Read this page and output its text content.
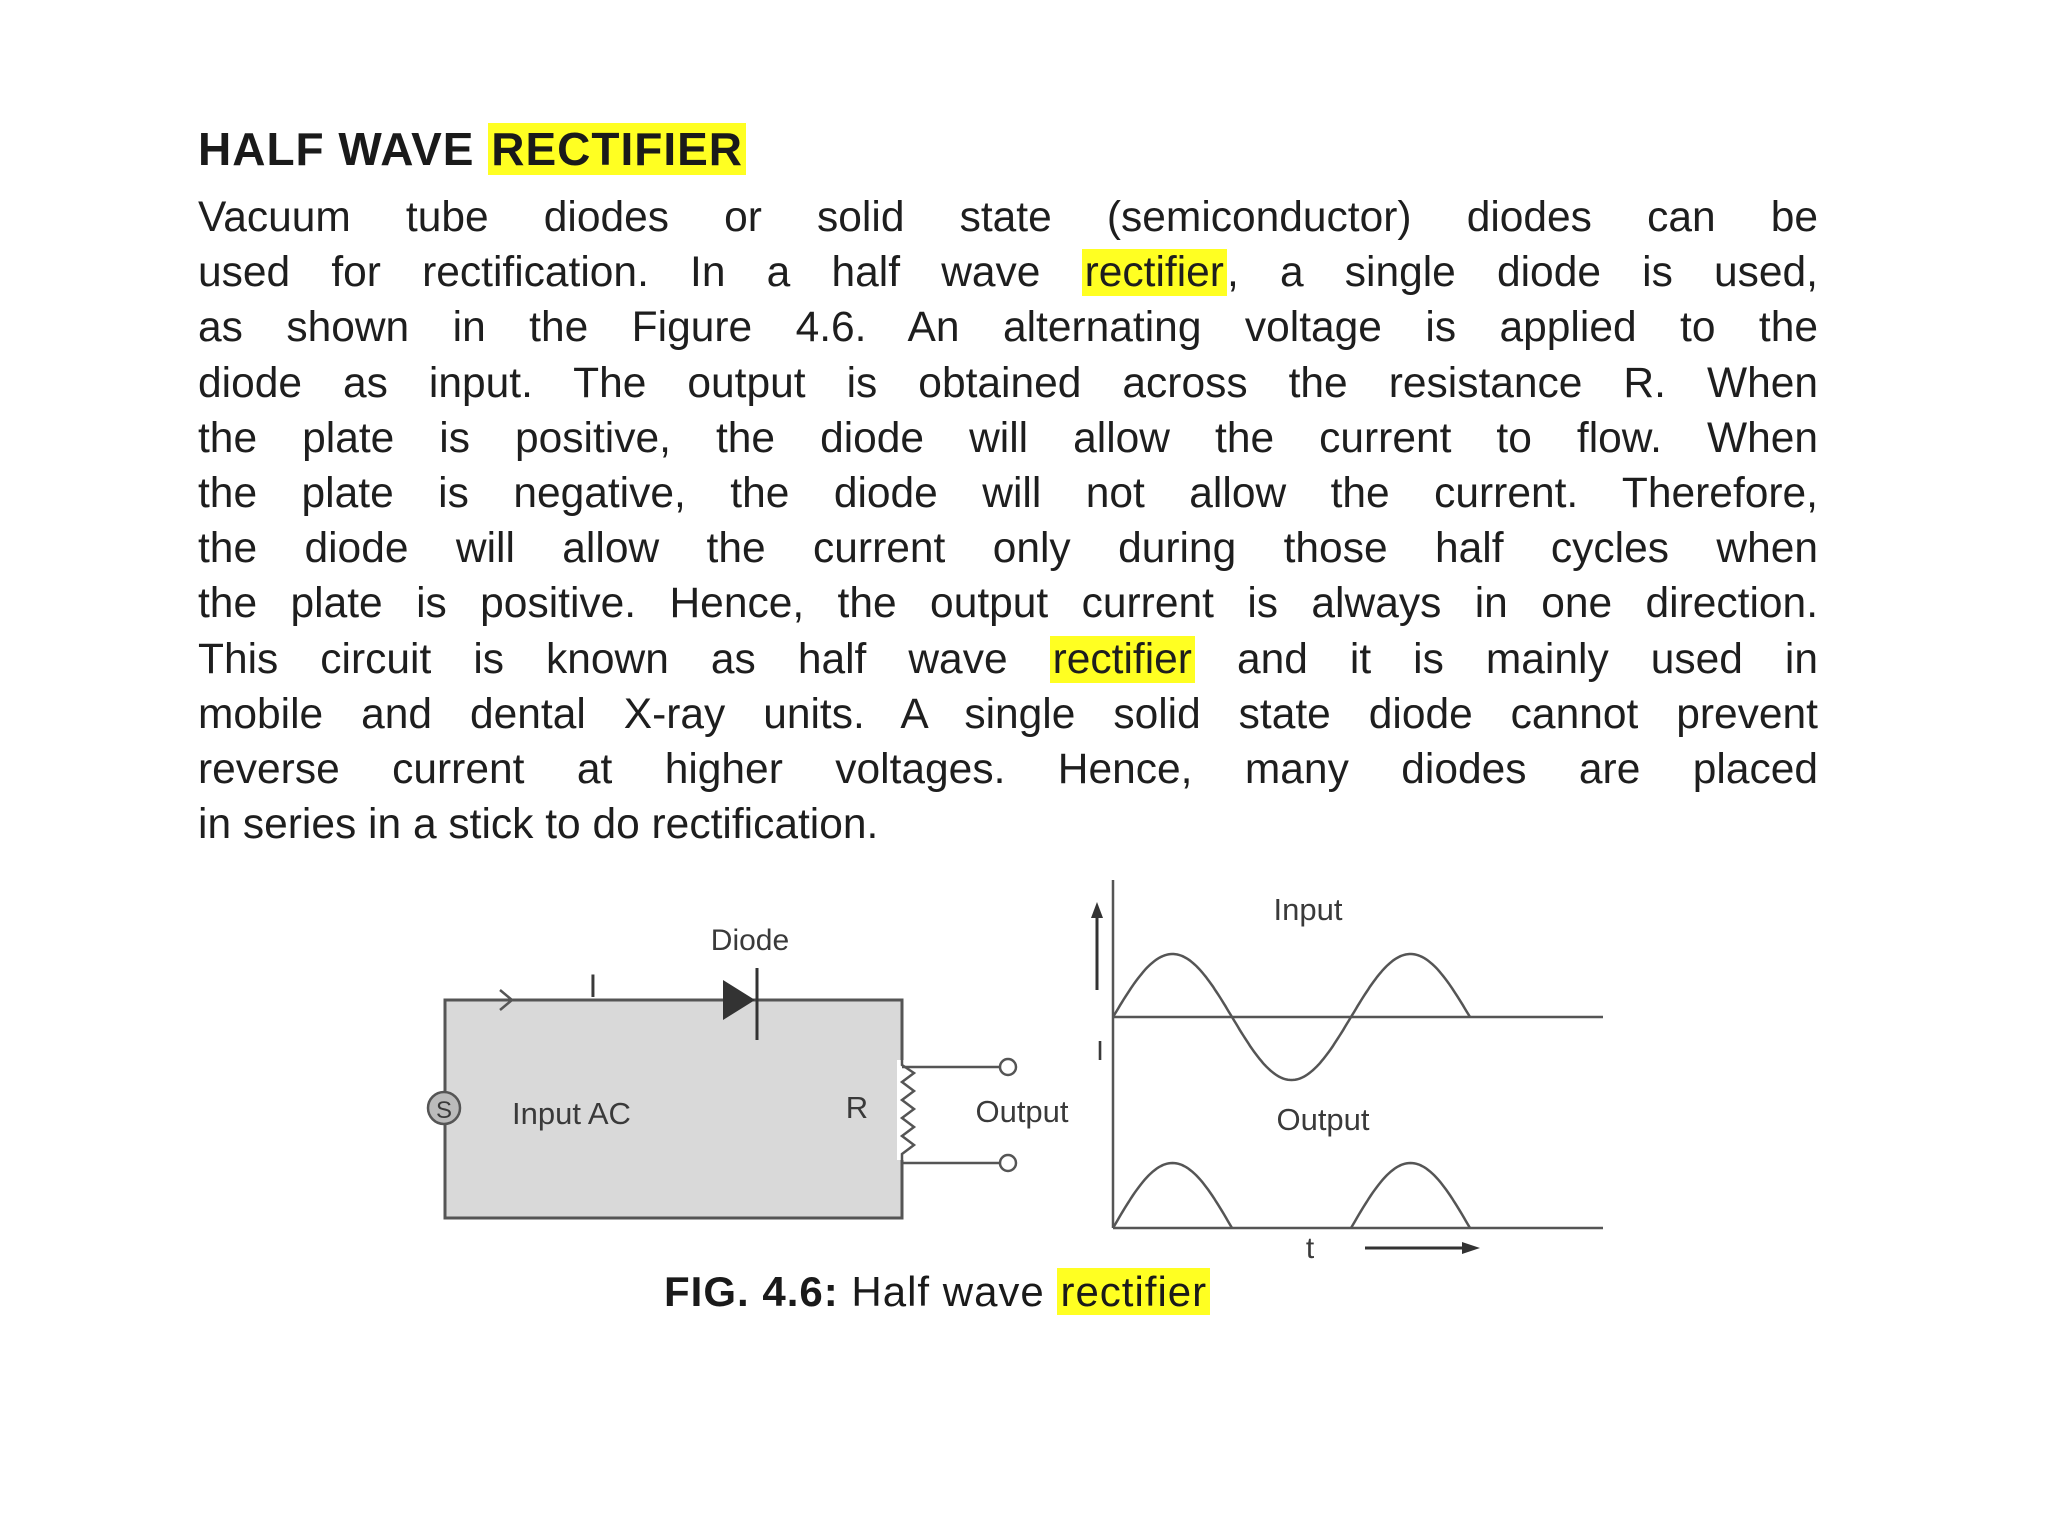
HALF WAVE RECTIFIER
Vacuum tube diodes or solid state (semiconductor) diodes can be
used for rectification. In a half wave rectifier, a single diode is used,
as shown in the Figure 4.6. An alternating voltage is applied to the
diode as input. The output is obtained across the resistance R. When
the plate is positive, the diode will allow the current to flow. When
the plate is negative, the diode will not allow the current. Therefore,
the diode will allow the current only during those half cycles when
the plate is positive. Hence, the output current is always in one direction.
This circuit is known as half wave rectifier and it is mainly used in
mobile and dental X-ray units. A single solid state diode cannot prevent
reverse current at higher voltages. Hence, many diodes are placed
in series in a stick to do rectification.
I
Diode
S Input AC	R	Output
I
Input
Output
t

FIG. 4.6: Half wave rectifier
